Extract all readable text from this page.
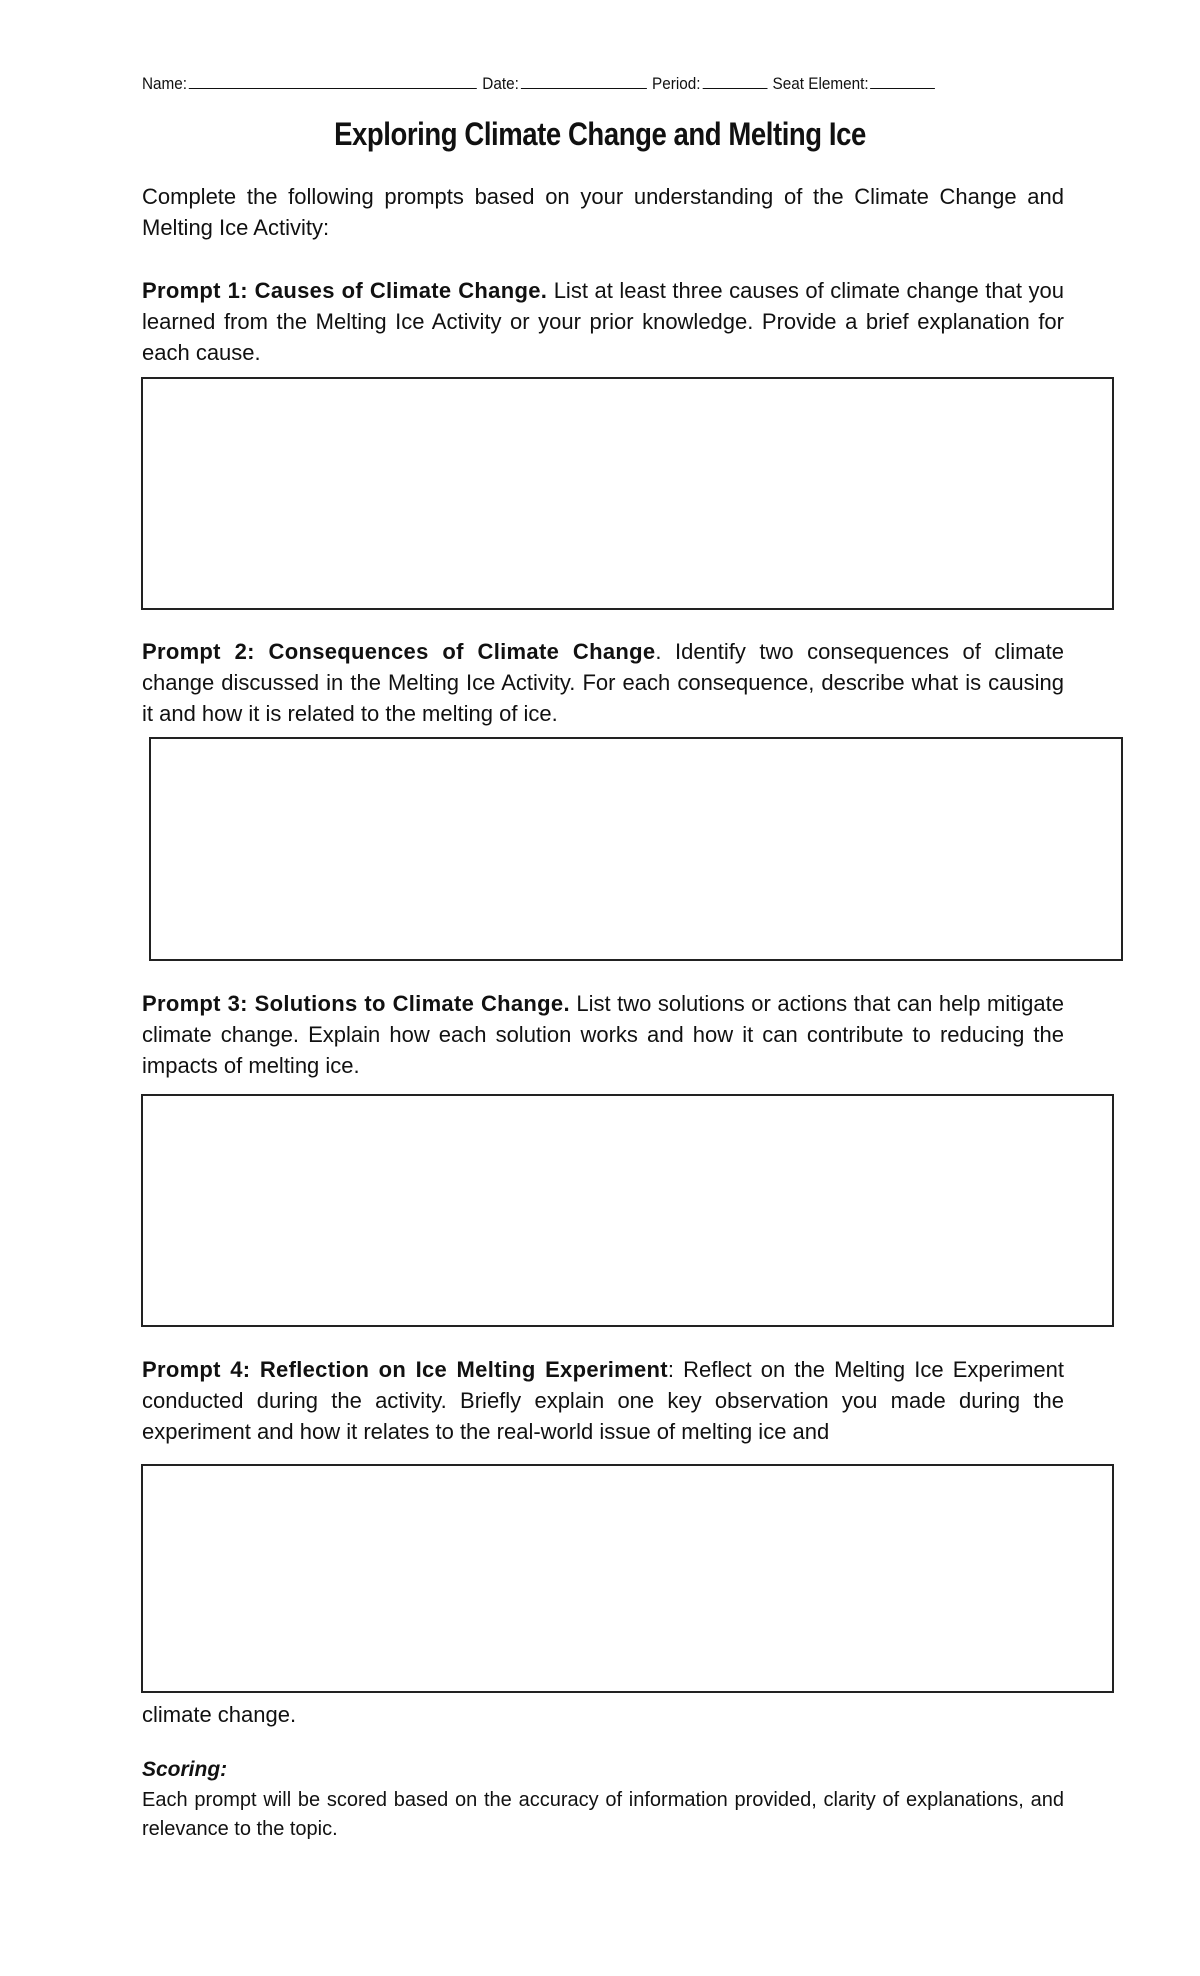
Name:	Date:	Period:	Seat Element:
Exploring Climate Change and Melting Ice

Complete the following prompts based on your understanding of the Climate Change and Melting Ice Activity:

Prompt 1: Causes of Climate Change. List at least three causes of climate change that you learned from the Melting Ice Activity or your prior knowledge. Provide a brief explanation for each cause.

Prompt 2: Consequences of Climate Change. Identify two consequences of climate change discussed in the Melting Ice Activity. For each consequence, describe what is causing it and how it is related to the melting of ice.

Prompt 3: Solutions to Climate Change. List two solutions or actions that can help mitigate climate change. Explain how each solution works and how it can contribute to reducing the impacts of melting ice.

Prompt 4: Reflection on Ice Melting Experiment: Reflect on the Melting Ice Experiment conducted during the activity. Briefly explain one key observation you made during the experiment and how it relates to the real-world issue of melting ice and

climate change.
Scoring:

Each prompt will be scored based on the accuracy of information provided, clarity of explanations, and relevance to the topic.
